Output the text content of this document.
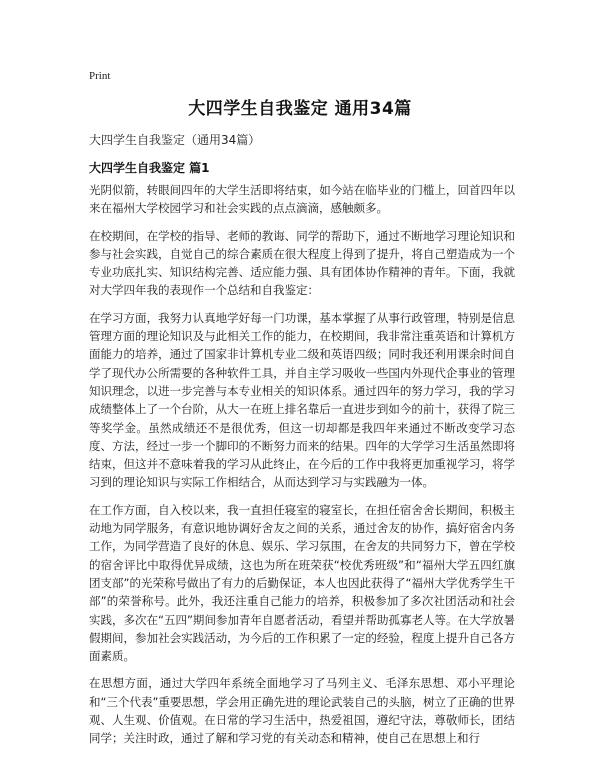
Print
大四学生自我鉴定 通用34篇
大四学生自我鉴定（通用34篇）
大四学生自我鉴定 篇1

光阴似箭，转眼间四年的大学生活即将结束，如今站在临毕业的门槛上，回首四年以来在福州大学校园学习和社会实践的点点滴滴，感触颇多。

在校期间，在学校的指导、老师的教诲、同学的帮助下，通过不断地学习理论知识和参与社会实践，自觉自己的综合素质在很大程度上得到了提升，将自己塑造成为一个专业功底扎实、知识结构完善、适应能力强、具有团体协作精神的青年。下面，我就对大学四年我的表现作一个总结和自我鉴定：

在学习方面，我努力认真地学好每一门功课，基本掌握了从事行政管理，特别是信息管理方面的理论知识及与此相关工作的能力，在校期间，我非常注重英语和计算机方面能力的培养，通过了国家非计算机专业二级和英语四级；同时我还利用课余时间自学了现代办公所需要的各种软件工具，并自主学习吸收一些国内外现代企事业的管理知识理念，以进一步完善与本专业相关的知识体系。通过四年的努力学习，我的学习成绩整体上了一个台阶，从大一在班上排名靠后一直进步到如今的前十，获得了院三等奖学金。虽然成绩还不是很优秀，但这一切却都是我四年来通过不断改变学习态度、方法，经过一步一个脚印的不断努力而来的结果。四年的大学学习生活虽然即将结束，但这并不意味着我的学习从此终止，在今后的工作中我将更加重视学习，将学习到的理论知识与实际工作相结合，从而达到学习与实践融为一体。

在工作方面，自入校以来，我一直担任寝室的寝室长，在担任宿舍舍长期间，积极主动地为同学服务，有意识地协调好舍友之间的关系，通过舍友的协作，搞好宿舍内务工作，为同学营造了良好的休息、娱乐、学习氛围，在舍友的共同努力下，曾在学校的宿舍评比中取得优异成绩，这也为所在班荣获“校优秀班级”和“福州大学五四红旗团支部”的光荣称号做出了有力的后勤保证，本人也因此获得了“福州大学优秀学生干部”的荣誉称号。此外，我还注重自己能力的培养，积极参加了多次社团活动和社会实践，多次在“五四”期间参加青年自愿者活动，看望并帮助孤寡老人等。在大学放暑假期间，参加社会实践活动，为今后的工作积累了一定的经验，程度上提升自己各方面素质。

在思想方面，通过大学四年系统全面地学习了马列主义、毛泽东思想、邓小平理论和“三个代表”重要思想，学会用正确先进的理论武装自己的头脑，树立了正确的世界观、人生观、价值观。在日常的学习生活中，热爱祖国，遵纪守法，尊敬师长，团结同学；关注时政，通过了解和学习党的有关动态和精神，使自己在思想上和行
